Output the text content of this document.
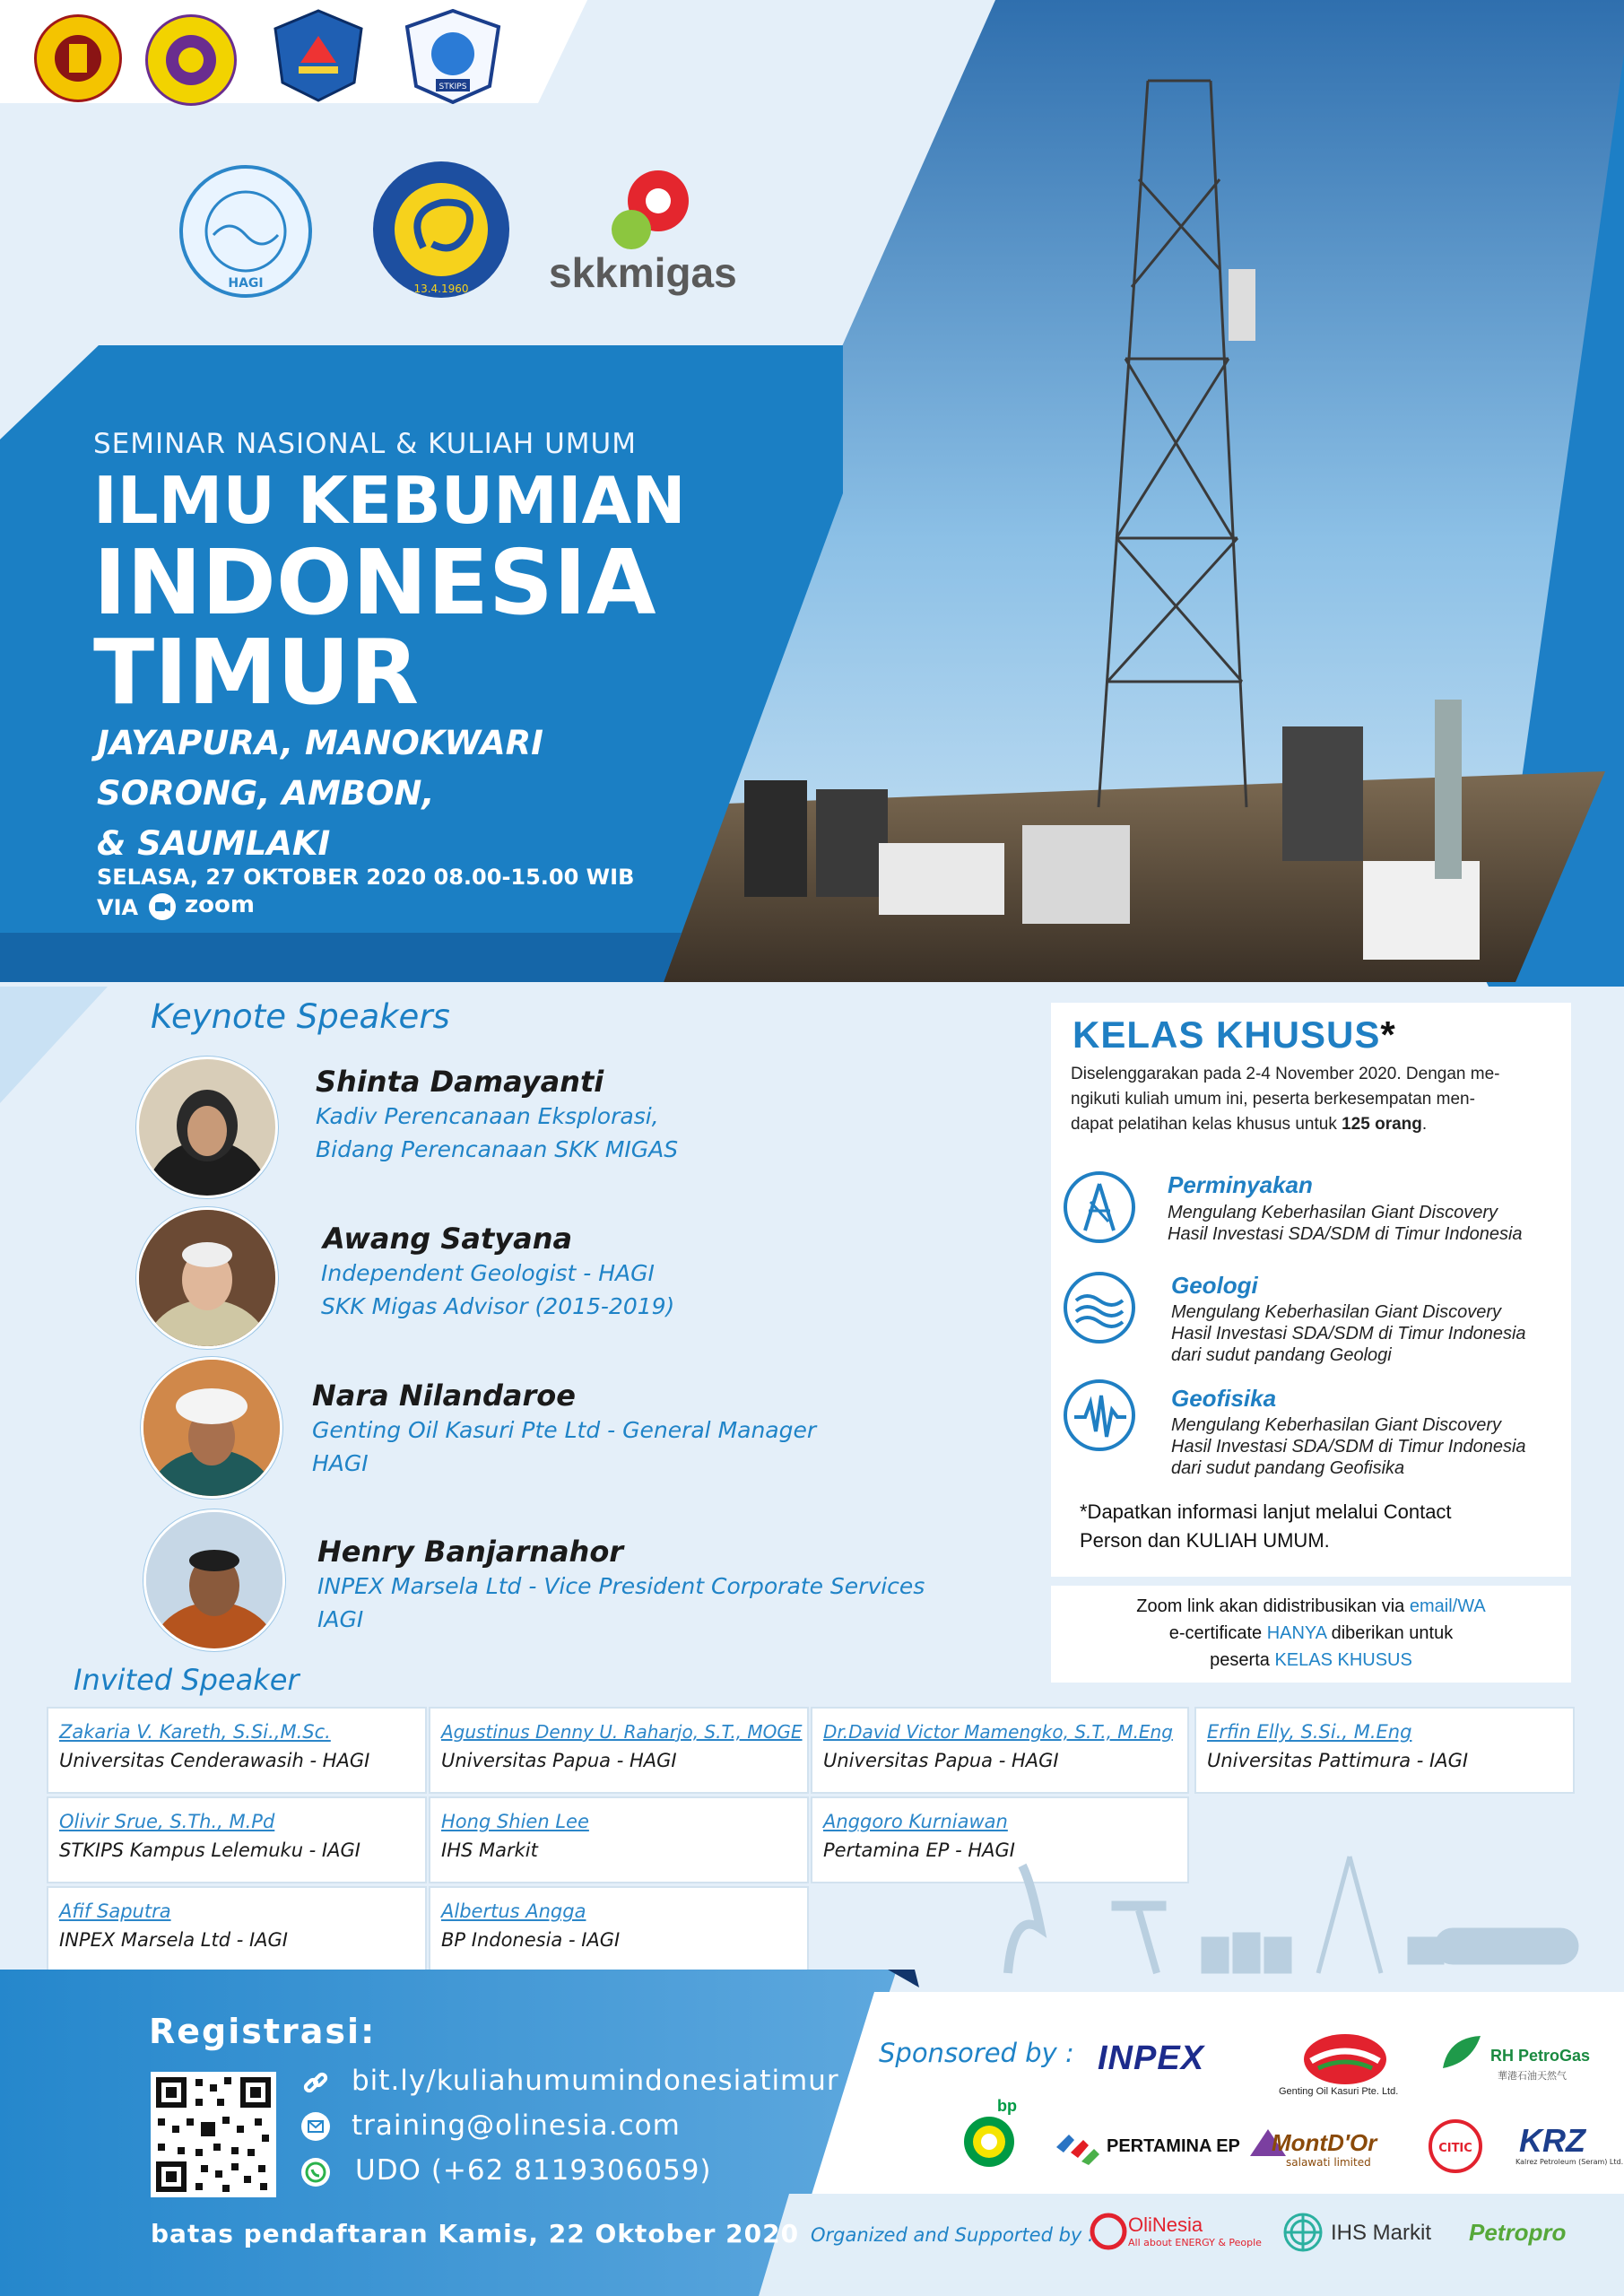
STKIPS
HAGI	13.4.1960 skkmigas
SEMINAR NASIONAL & KULIAH UMUM
ILMU KEBUMIAN
INDONESIA
TIMUR
JAYAPURA, MANOKWARI
SORONG, AMBON,
& SAUMLAKI
SELASA, 27 OKTOBER 2020 08.00-15.00 WIB
VIA zoom
Keynote Speakers
Shinta Damayanti
Kadiv Perencanaan Eksplorasi,
Bidang Perencanaan SKK MIGAS
Awang Satyana
Independent Geologist - HAGI
SKK Migas Advisor (2015-2019)
Nara Nilandaroe
Genting Oil Kasuri Pte Ltd - General Manager
HAGI
Henry Banjarnahor
INPEX Marsela Ltd - Vice President Corporate Services
IAGI
KELAS KHUSUS*
Diselenggarakan pada 2-4 November 2020. Dengan me-
ngikuti kuliah umum ini, peserta berkesempatan men-
dapat pelatihan kelas khusus untuk 125 orang.
Perminyakan
Mengulang Keberhasilan Giant Discovery
Hasil Investasi SDA/SDM di Timur Indonesia
Geologi
Mengulang Keberhasilan Giant Discovery
Hasil Investasi SDA/SDM di Timur Indonesia
dari sudut pandang Geologi
Geofisika
Mengulang Keberhasilan Giant Discovery
Hasil Investasi SDA/SDM di Timur Indonesia
dari sudut pandang Geofisika
*Dapatkan informasi lanjut melalui Contact
Person dan KULIAH UMUM.
Zoom link akan didistribusikan via email/WA
e-certificate HANYA diberikan untuk
peserta KELAS KHUSUS
Invited Speaker
Zakaria V. Kareth, S.Si.,M.Sc.
Universitas Cenderawasih - HAGI
Agustinus Denny U. Raharjo, S.T., MOGE
Universitas Papua - HAGI
Dr.David Victor Mamengko, S.T., M.Eng
Universitas Papua - HAGI
Erfin Elly, S.Si., M.Eng
Universitas Pattimura - IAGI
Olivir Srue, S.Th., M.Pd
STKIPS Kampus Lelemuku - IAGI
Hong Shien Lee
IHS Markit
Anggoro Kurniawan
Pertamina EP - HAGI
Afif Saputra
INPEX Marsela Ltd - IAGI
Albertus Angga
BP Indonesia - IAGI
Registrasi:
bit.ly/kuliahumumindonesiatimur
training@olinesia.com
UDO (+62 8119306059)
batas pendaftaran Kamis, 22 Oktober 2020
Sponsored by : INPEX
Genting Oil Kasuri Pte. Ltd.
RH PetroGas
華港石油天然气
bp
PERTAMINA EP MontD'Or
salawati limited
CITIC KRZ
Kalrez Petroleum (Seram) Ltd.
Organized and Supported by : OliNesia
All about ENERGY & People	IHS Markit Petropro
